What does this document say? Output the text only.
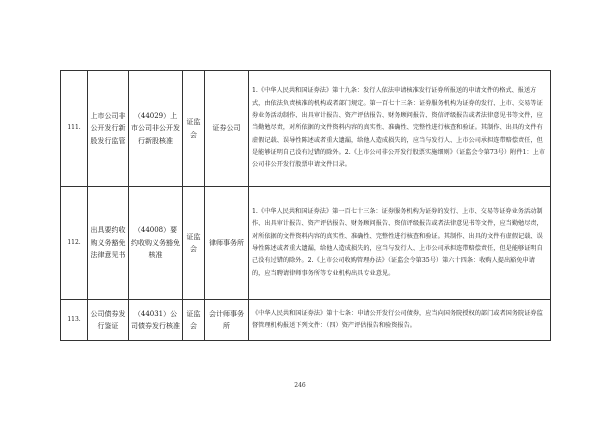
111.	上市公司非公开发行新股发行监管	（44029）上市公司非公开发行新股核准	证监会	证券公司	1.《中华人民共和国证券法》第十九条：发行人依法申请核准发行证券所报送的申请文件的格式、报送方式，由依法负责核准的机构或者部门规定。第一百七十三条：证券服务机构为证券的发行、上市、交易等证券业务活动制作、出具审计报告、资产评估报告、财务顾问报告、资信评级报告或者法律意见书等文件，应当勤勉尽责，对所依据的文件资料内容的真实性、准确性、完整性进行核查和验证。其制作、出具的文件有虚假记载、误导性陈述或者重大遗漏，给他人造成损失的，应当与发行人、上市公司承担连带赔偿责任，但是能够证明自己没有过错的除外。2.《上市公司非公开发行股票实施细则》（证监会令第73号）附件1：上市公司非公开发行股票申请文件目录。
112.	出具要约收购义务豁免法律意见书	（44008）要约收购义务豁免核准	证监会	律师事务所	1.《中华人民共和国证券法》第一百七十三条：证券服务机构为证券的发行、上市、交易等证券业务活动制作、出具审计报告、资产评估报告、财务顾问报告、资信评级报告或者法律意见书等文件，应当勤勉尽责，对所依据的文件资料内容的真实性、准确性、完整性进行核查和验证。其制作、出具的文件有虚假记载、误导性陈述或者重大遗漏，给他人造成损失的，应当与发行人、上市公司承担连带赔偿责任，但是能够证明自己没有过错的除外。2.《上市公司收购管理办法》（证监会令第35号）第六十四条：收购人提出豁免申请的，应当聘请律师事务所等专业机构出具专业意见。
113.	公司债券发行鉴证	（44031）公司债券发行核准	证监会	会计师事务所	《中华人民共和国证券法》第十七条：申请公开发行公司债券，应当向国务院授权的部门或者国务院证券监督管理机构报送下列文件：（四）资产评估报告和验资报告。
246
